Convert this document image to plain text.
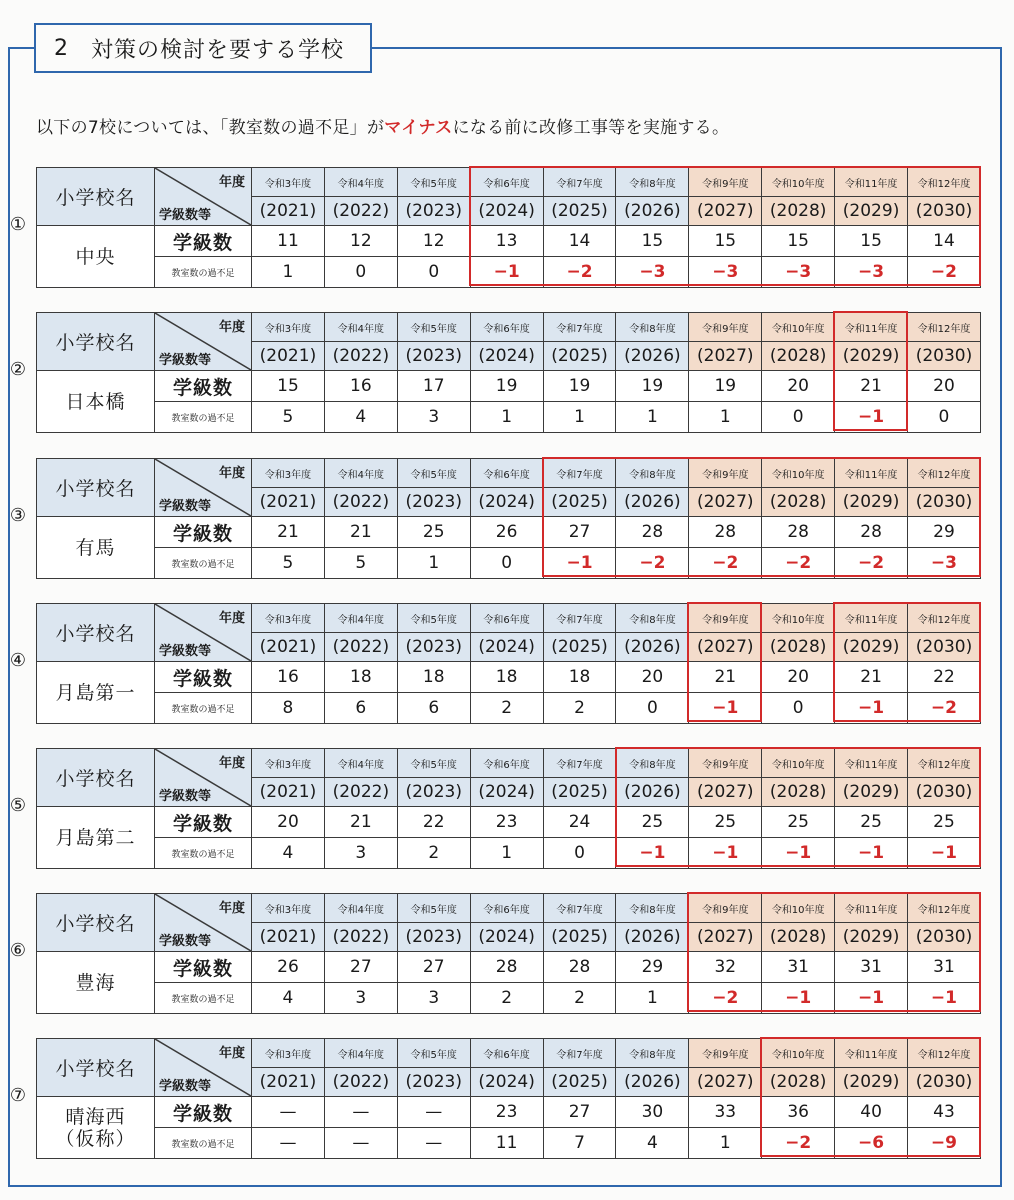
2 対策の検討を要する学校
以下の7校については、「教室数の過不足」がマイナスになる前に改修工事等を実施する。
①
小学校名	年度
学級数等	令和3年度	令和4年度	令和5年度	令和6年度	令和7年度	令和8年度	令和9年度	令和10年度	令和11年度	令和12年度
		(2021)	(2022)	(2023)	(2024)	(2025)	(2026)	(2027)	(2028)	(2029)	(2030)
中央	学級数	11	12	12	13	14	15	15	15	15	14
	教室数の過不足	1	0	0	−1	−2	−3	−3	−3	−3	−2
②
小学校名	年度
学級数等	令和3年度	令和4年度	令和5年度	令和6年度	令和7年度	令和8年度	令和9年度	令和10年度	令和11年度	令和12年度
		(2021)	(2022)	(2023)	(2024)	(2025)	(2026)	(2027)	(2028)	(2029)	(2030)
日本橋	学級数	15	16	17	19	19	19	19	20	21	20
	教室数の過不足	5	4	3	1	1	1	1	0	−1	0
③
小学校名	年度
学級数等	令和3年度	令和4年度	令和5年度	令和6年度	令和7年度	令和8年度	令和9年度	令和10年度	令和11年度	令和12年度
		(2021)	(2022)	(2023)	(2024)	(2025)	(2026)	(2027)	(2028)	(2029)	(2030)
有馬	学級数	21	21	25	26	27	28	28	28	28	29
	教室数の過不足	5	5	1	0	−1	−2	−2	−2	−2	−3
④
小学校名	年度
学級数等	令和3年度	令和4年度	令和5年度	令和6年度	令和7年度	令和8年度	令和9年度	令和10年度	令和11年度	令和12年度
		(2021)	(2022)	(2023)	(2024)	(2025)	(2026)	(2027)	(2028)	(2029)	(2030)
月島第一	学級数	16	18	18	18	18	20	21	20	21	22
	教室数の過不足	8	6	6	2	2	0	−1	0	−1	−2
⑤
小学校名	年度
学級数等	令和3年度	令和4年度	令和5年度	令和6年度	令和7年度	令和8年度	令和9年度	令和10年度	令和11年度	令和12年度
		(2021)	(2022)	(2023)	(2024)	(2025)	(2026)	(2027)	(2028)	(2029)	(2030)
月島第二	学級数	20	21	22	23	24	25	25	25	25	25
	教室数の過不足	4	3	2	1	0	−1	−1	−1	−1	−1
⑥
小学校名	年度
学級数等	令和3年度	令和4年度	令和5年度	令和6年度	令和7年度	令和8年度	令和9年度	令和10年度	令和11年度	令和12年度
		(2021)	(2022)	(2023)	(2024)	(2025)	(2026)	(2027)	(2028)	(2029)	(2030)
豊海	学級数	26	27	27	28	28	29	32	31	31	31
	教室数の過不足	4	3	3	2	2	1	−2	−1	−1	−1
⑦
小学校名	年度
学級数等	令和3年度	令和4年度	令和5年度	令和6年度	令和7年度	令和8年度	令和9年度	令和10年度	令和11年度	令和12年度
		(2021)	(2022)	(2023)	(2024)	(2025)	(2026)	(2027)	(2028)	(2029)	(2030)
晴海西
（仮称）	学級数	—	—	—	23	27	30	33	36	40	43
	教室数の過不足	—	—	—	11	7	4	1	−2	−6	−9
